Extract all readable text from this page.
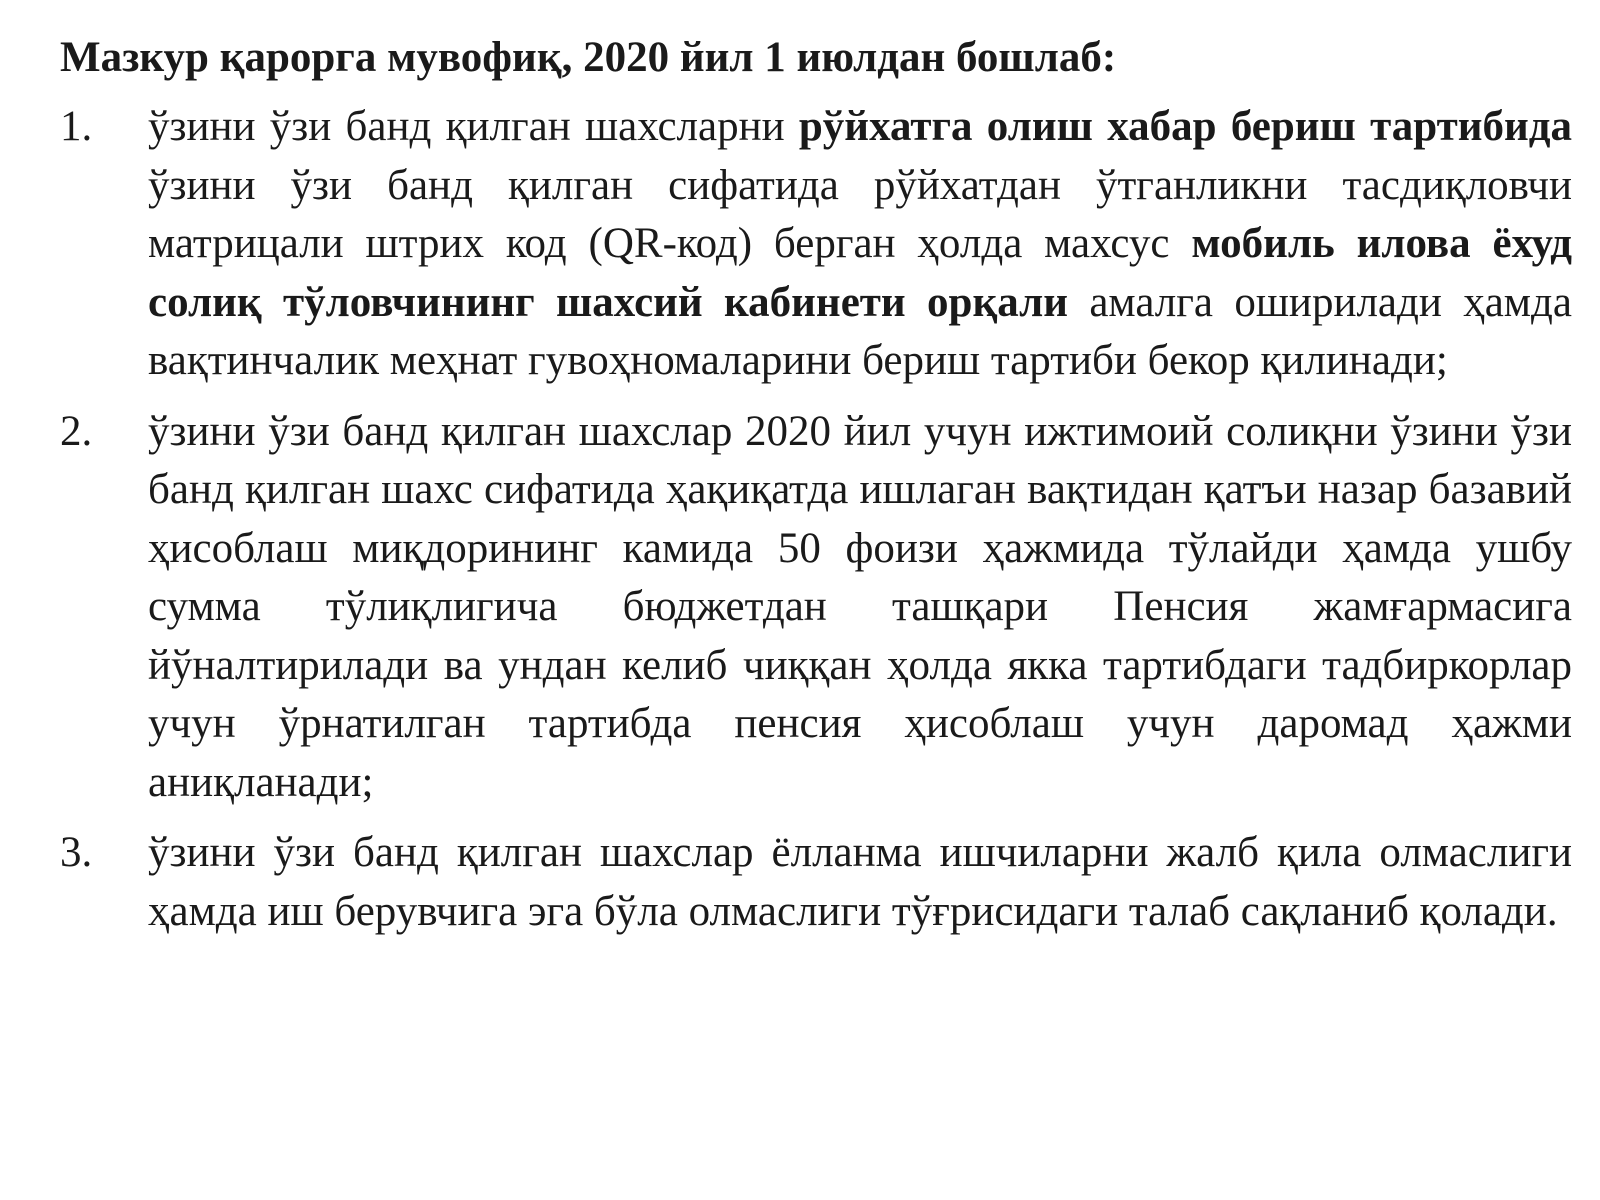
Мазкур қарорга мувофиқ, 2020 йил 1 июлдан бошлаб:
1. ўзини ўзи банд қилган шахсларни рўйхатга олиш хабар бериш тартибида ўзини ўзи банд қилган сифатида рўйхатдан ўтганликни тасдиқловчи матрицали штрих код (QR-код) берган ҳолда махсус мобиль илова ёхуд солиқ тўловчининг шахсий кабинети орқали амалга оширилади ҳамда вақтинчалик меҳнат гувоҳномаларини бериш тартиби бекор қилинади;
2. ўзини ўзи банд қилган шахслар 2020 йил учун ижтимоий солиқни ўзини ўзи банд қилган шахс сифатида ҳақиқатда ишлаган вақтидан қатъи назар базавий ҳисоблаш миқдорининг камида 50 фоизи ҳажмида тўлайди ҳамда ушбу сумма тўлиқлигича бюджетдан ташқари Пенсия жамғармасига йўналтирилади ва ундан келиб чиққан ҳолда якка тартибдаги тадбиркорлар учун ўрнатилган тартибда пенсия ҳисоблаш учун даромад ҳажми аниқланади;
3. ўзини ўзи банд қилган шахслар ёлланма ишчиларни жалб қила олмаслиги ҳамда иш берувчига эга бўла олмаслиги тўғрисидаги талаб сақланиб қолади.
